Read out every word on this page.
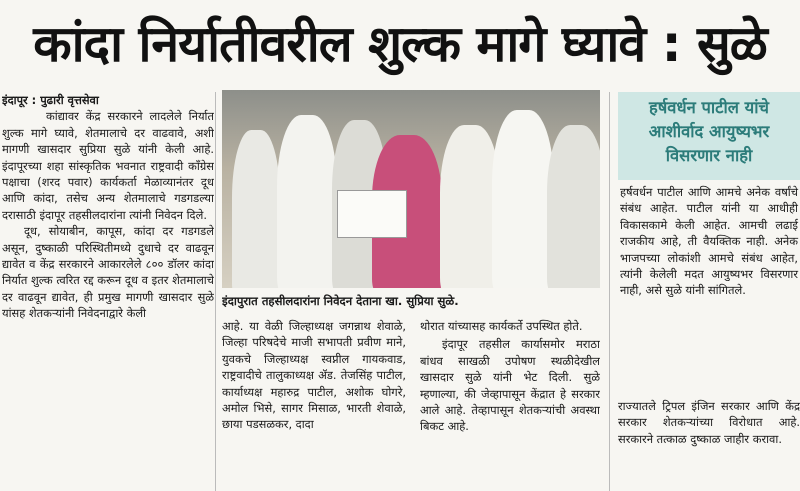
कांदा निर्यातीवरील शुल्क मागे घ्यावे : सुळे

इंदापूर : पुढारी वृत्तसेवा

कांद्यावर केंद्र सरकारने लादलेले निर्यात शुल्क मागे घ्यावे, शेतमालाचे दर वाढवावे, अशी मागणी खासदार सुप्रिया सुळे यांनी केली आहे. इंदापूरच्या शहा सांस्कृतिक भवनात राष्ट्रवादी काँग्रेस पक्षाचा (शरद पवार) कार्यकर्ता मेळाव्यानंतर दूध आणि कांदा, तसेच अन्य शेतमालाचे गडगडल्या दरासाठी इंदापूर तहसीलदारांना त्यांनी निवेदन दिले.

दूध, सोयाबीन, कापूस, कांदा दर गडगडले असून, दुष्काळी परिस्थितीमध्ये दुधाचे दर वाढवून द्यावेत व केंद्र सरकारने आकारलेले ८०० डॉलर कांदा निर्यात शुल्क त्वरित रद्द करून दूध व इतर शेतमालाचे दर वाढवून द्यावेत, ही प्रमुख मागणी खासदार सुळे यांसह शेतकऱ्यांनी निवेदनाद्वारे केली

इंदापुरात तहसीलदारांना निवेदन देताना खा. सुप्रिया सुळे.

आहे. या वेळी जिल्हाध्यक्ष जगन्नाथ शेवाळे, जिल्हा परिषदेचे माजी सभापती प्रवीण माने, युवकचे जिल्हाध्यक्ष स्वप्नील गायकवाड, राष्ट्रवादीचे तालुकाध्यक्ष ॲड. तेजसिंह पाटील, कार्याध्यक्ष महारुद्र पाटील, अशोक घोगरे, अमोल भिसे, सागर मिसाळ, भारती शेवाळे, छाया पडसळकर, दादा

थोरात यांच्यासह कार्यकर्ते उपस्थित होते.

इंदापूर तहसील कार्यासमोर मराठा बांधव साखळी उपोषण स्थळीदेखील खासदार सुळे यांनी भेट दिली. सुळे म्हणाल्या, की जेव्हापासून केंद्रात हे सरकार आले आहे. तेव्हापासून शेतकऱ्यांची अवस्था बिकट आहे.

हर्षवर्धन पाटील यांचे आशीर्वाद आयुष्यभर विसरणार नाही
हर्षवर्धन पाटील आणि आमचे अनेक वर्षांचे संबंध आहेत. पाटील यांनी या आधीही विकासकामे केली आहेत. आमची लढाई राजकीय आहे, ती वैयक्तिक नाही. अनेक भाजपच्या लोकांशी आमचे संबंध आहेत, त्यांनी केलेली मदत आयुष्यभर विसरणार नाही, असे सुळे यांनी सांगितले.

राज्यातले ट्रिपल इंजिन सरकार आणि केंद्र सरकार शेतकऱ्यांच्या विरोधात आहे. सरकारने तत्काळ दुष्काळ जाहीर करावा.
